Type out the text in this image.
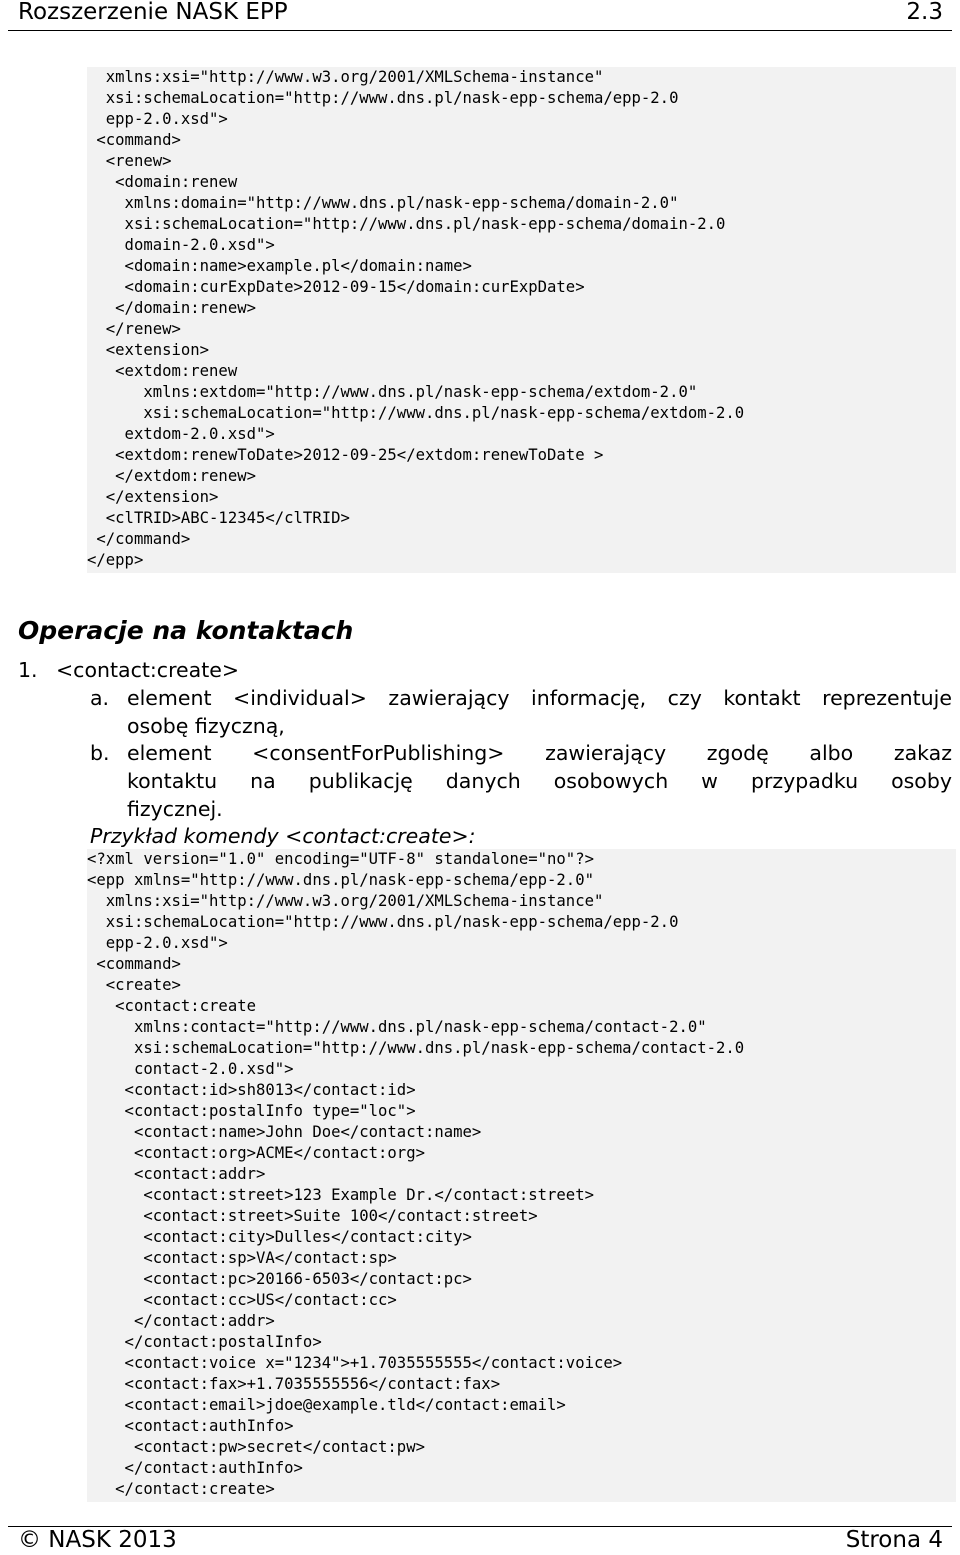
Rozszerzenie NASK EPP	2.3
xmlns:xsi="http://www.w3.org/2001/XMLSchema-instance"
xsi:schemaLocation="http://www.dns.pl/nask-epp-schema/epp-2.0
epp-2.0.xsd">
<command>
<renew>
<domain:renew
xmlns:domain="http://www.dns.pl/nask-epp-schema/domain-2.0"
xsi:schemaLocation="http://www.dns.pl/nask-epp-schema/domain-2.0
domain-2.0.xsd">
<domain:name>example.pl</domain:name>
<domain:curExpDate>2012-09-15</domain:curExpDate>
</domain:renew>
</renew>
<extension>
<extdom:renew
xmlns:extdom="http://www.dns.pl/nask-epp-schema/extdom-2.0"
xsi:schemaLocation="http://www.dns.pl/nask-epp-schema/extdom-2.0
extdom-2.0.xsd">
<extdom:renewToDate>2012-09-25</extdom:renewToDate >
</extdom:renew>
</extension>
<clTRID>ABC-12345</clTRID>
</command>
</epp>
Operacje na kontaktach
1. <contact:create>
a. element <individual> zawierający informację, czy kontakt reprezentuje
osobę fizyczną,
b. element <consentForPublishing> zawierający zgodę albo zakaz
kontaktu na publikację danych osobowych w przypadku osoby
fizycznej.
Przykład komendy <contact:create>:
<?xml version="1.0" encoding="UTF-8" standalone="no"?>
<epp xmlns="http://www.dns.pl/nask-epp-schema/epp-2.0"
xmlns:xsi="http://www.w3.org/2001/XMLSchema-instance"
xsi:schemaLocation="http://www.dns.pl/nask-epp-schema/epp-2.0
epp-2.0.xsd">
<command>
<create>
<contact:create
xmlns:contact="http://www.dns.pl/nask-epp-schema/contact-2.0"
xsi:schemaLocation="http://www.dns.pl/nask-epp-schema/contact-2.0
contact-2.0.xsd">
<contact:id>sh8013</contact:id>
<contact:postalInfo type="loc">
<contact:name>John Doe</contact:name>
<contact:org>ACME</contact:org>
<contact:addr>
<contact:street>123 Example Dr.</contact:street>
<contact:street>Suite 100</contact:street>
<contact:city>Dulles</contact:city>
<contact:sp>VA</contact:sp>
<contact:pc>20166-6503</contact:pc>
<contact:cc>US</contact:cc>
</contact:addr>
</contact:postalInfo>
<contact:voice x="1234">+1.7035555555</contact:voice>
<contact:fax>+1.7035555556</contact:fax>
<contact:email>jdoe@example.tld</contact:email>
<contact:authInfo>
<contact:pw>secret</contact:pw>
</contact:authInfo>
</contact:create>
© NASK 2013	Strona 4
